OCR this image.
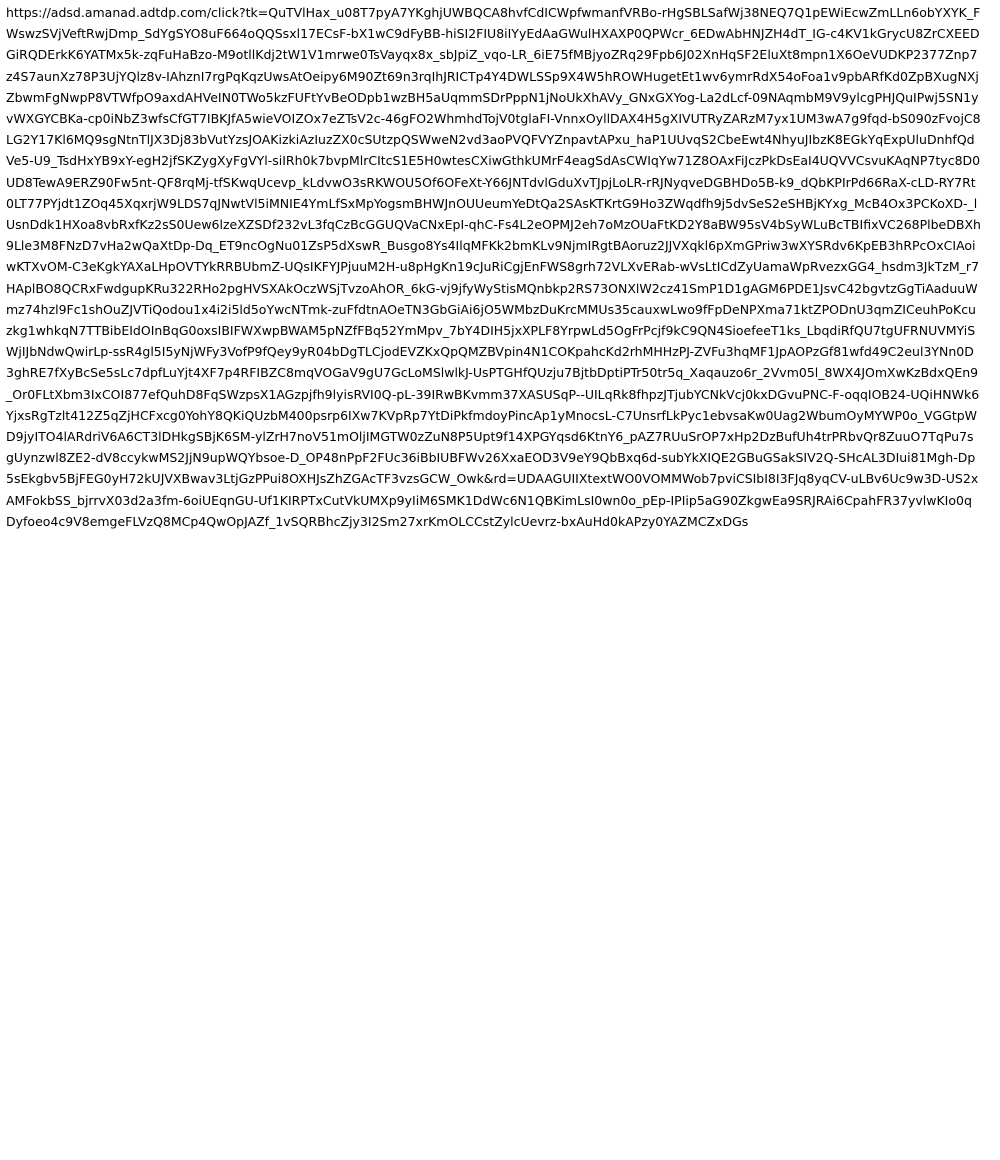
https://adsd.amanad.adtdp.com/click?tk=QuTVlHax_u08T7pyA7YKghjUWBQCA8hvfCdICWpfwmanfVRBo-rHgSBLSafWj38NEQ7Q1pEWiEcwZmLLn6obYXYK_FWswzSVjVeftRwjDmp_SdYgSYO8uF664oQQSsxl17ECsF-bX1wC9dFyBB-hiSI2FIU8iIYyEdAaGWulHXAXP0QPWcr_6EDwAbHNJZH4dT_IG-c4KV1kGrycU8ZrCXEEDGiRQDErkK6YATMx5k-zqFuHaBzo-M9otllKdj2tW1V1mrwe0TsVayqx8x_sbJpiZ_vqo-LR_6iE75fMBjyoZRq29Fpb6J02XnHqSF2EluXt8mpn1X6OeVUDKP2377Znp7z4S7aunXz78P3UjYQlz8v-IAhznI7rgPqKqzUwsAtOeipy6M90Zt69n3rqIhJRICTp4Y4DWLSSp9X4W5hROWHugetEt1wv6ymrRdX54oFoa1v9pbARfKd0ZpBXugNXjZbwmFgNwpP8VTWfpO9axdAHVeIN0TWo5kzFUFtYvBeODpb1wzBH5aUqmmSDrPppN1jNoUkXhAVy_GNxGXYog-La2dLcf-09NAqmbM9V9ylcgPHJQuIPwj5SN1yvWXGYCBKa-cp0iNbZ3wfsCfGT7IBKJfA5wieVOIZOx7eZTsV2c-46gFO2WhmhdTojV0tglaFI-VnnxOyllDAX4H5gXIVUTRyZARzM7yx1UM3wA7g9fqd-bS090zFvojC8LG2Y17Kl6MQ9sgNtnTlJX3Dj83bVutYzsJOAKizkiAzIuzZX0cSUtzpQSWweN2vd3aoPVQFVYZnpavtAPxu_haP1UUvqS2CbeEwt4NhyuJIbzK8EGkYqExpUluDnhfQdVe5-U9_TsdHxYB9xY-egH2jfSKZygXyFgVYl-siIRh0k7bvpMlrCItcS1E5H0wtesCXiwGthkUMrF4eagSdAsCWIqYw71Z8OAxFiJczPkDsEaI4UQVVCsvuKAqNP7tyc8D0UD8TewA9ERZ90Fw5nt-QF8rqMj-tfSKwqUcevp_kLdvwO3sRKWOU5Of6OFeXt-Y66JNTdvlGduXvTJpjLoLR-rRJNyqveDGBHDo5B-k9_dQbKPIrPd66RaX-cLD-RY7Rt0LT77PYjdt1ZOq45XqxrjW9LDS7qJNwtVl5iMNIE4YmLfSxMpYogsmBHWJnOUUeumYeDtQa2SAsKTKrtG9Ho3ZWqdfh9j5dvSeS2eSHBjKYxg_McB4Ox3PCKoXD-_lUsnDdk1HXoa8vbRxfKz2sS0Uew6lzeXZSDf232vL3fqCzBcGGUQVaCNxEpI-qhC-Fs4L2eOPMJ2eh7oMzOUaFtKD2Y8aBW95sV4bSyWLuBcTBIfixVC268PlbeDBXh9Lle3M8FNzD7vHa2wQaXtDp-Dq_ET9ncOgNu01ZsP5dXswR_Busgo8Ys4IlqMFKk2bmKLv9NjmIRgtBAoruz2JJVXqkl6pXmGPriw3wXYSRdv6KpEB3hRPcOxCIAoiwKTXvOM-C3eKgkYAXaLHpOVTYkRRBUbmZ-UQsIKFYJPjuuM2H-u8pHgKn19cJuRiCgjEnFWS8grh72VLXvERab-wVsLtICdZyUamaWpRvezxGG4_hsdm3JkTzM_r7HAplBO8QCRxFwdgupKRu322RHo2pgHVSXAkOczWSjTvzoAhOR_6kG-vj9jfyWyStisMQnbkp2RS73ONXlW2cz41SmP1D1gAGM6PDE1JsvC42bgvtzGgTiAaduuWmz74hzl9Fc1shOuZJVTiQodou1x4i2i5ld5oYwcNTmk-zuFfdtnAOeTN3GbGiAi6jO5WMbzDuKrcMMUs35cauxwLwo9fFpDeNPXma71ktZPODnU3qmZICeuhPoKcuzkg1whkqN7TTBibEIdOInBqG0oxsIBIFWXwpBWAM5pNZfFBq52YmMpv_7bY4DIH5jxXPLF8YrpwLd5OgFrPcjf9kC9QN4SioefeeT1ks_LbqdiRfQU7tgUFRNUVMYiSWjIJbNdwQwirLp-ssR4gl5I5yNjWFy3VofP9fQey9yR04bDgTLCjodEVZKxQpQMZBVpin4N1COKpahcKd2rhMHHzPJ-ZVFu3hqMF1JpAOPzGf81wfd49C2eul3YNn0D3ghRE7fXyBcSe5sLc7dpfLuYjt4XF7p4RFIBZC8mqVOGaV9gU7GcLoMSlwlkJ-UsPTGHfQUzju7BjtbDptiPTr50tr5q_Xaqauzo6r_2Vvm05l_8WX4JOmXwKzBdxQEn9_Or0FLtXbm3IxCOI877efQuhD8FqSWzpsX1AGzpjfh9lyisRVI0Q-pL-39IRwBKvmm37XASUSqP--UILqRk8fhpzJTjubYCNkVcj0kxDGvuPNC-F-oqqIOB24-UQiHNWk6YjxsRgTzlt412Z5qZjHCFxcg0YohY8QKiQUzbM400psrp6IXw7KVpRp7YtDiPkfmdoyPincAp1yMnocsL-C7UnsrfLkPyc1ebvsaKw0Uag2WbumOyMYWP0o_VGGtpWD9jyITO4lARdriV6A6CT3lDHkgSBjK6SM-ylZrH7noV51mOljIMGTW0zZuN8P5Upt9f14XPGYqsd6KtnY6_pAZ7RUuSrOP7xHp2DzBufUh4trPRbvQr8ZuuO7TqPu7sgUynzwl8ZE2-dV8ccykwMS2JjN9upWQYbsoe-D_OP48nPpF2FUc36iBbIUBFWv26XxaEOD3V9eY9QbBxq6d-subYkXIQE2GBuGSakSIV2Q-SHcAL3DIui81Mgh-Dp5sEkgbv5BjFEG0yH72kUJVXBwav3LtjGzPPui8OXHJsZhZGAcTF3vzsGCW_Owk&rd=UDAAGUIIXtextWO0VOMMWob7pviCSIbI8I3FJq8yqCV-uLBv6Uc9w3D-US2xAMFokbSS_bjrrvX03d2a3fm-6oiUEqnGU-Uf1KIRPTxCutVkUMXp9yIiM6SMK1DdWc6N1QBKimLsI0wn0o_pEp-IPIip5aG90ZkgwEa9SRJRAi6CpahFR37yvlwKIo0qDyfoeo4c9V8emgeFLVzQ8MCp4QwOpJAZf_1vSQRBhcZjy3I2Sm27xrKmOLCCstZylcUevrz-bxAuHd0kAPzy0YAZMCZxDGs
